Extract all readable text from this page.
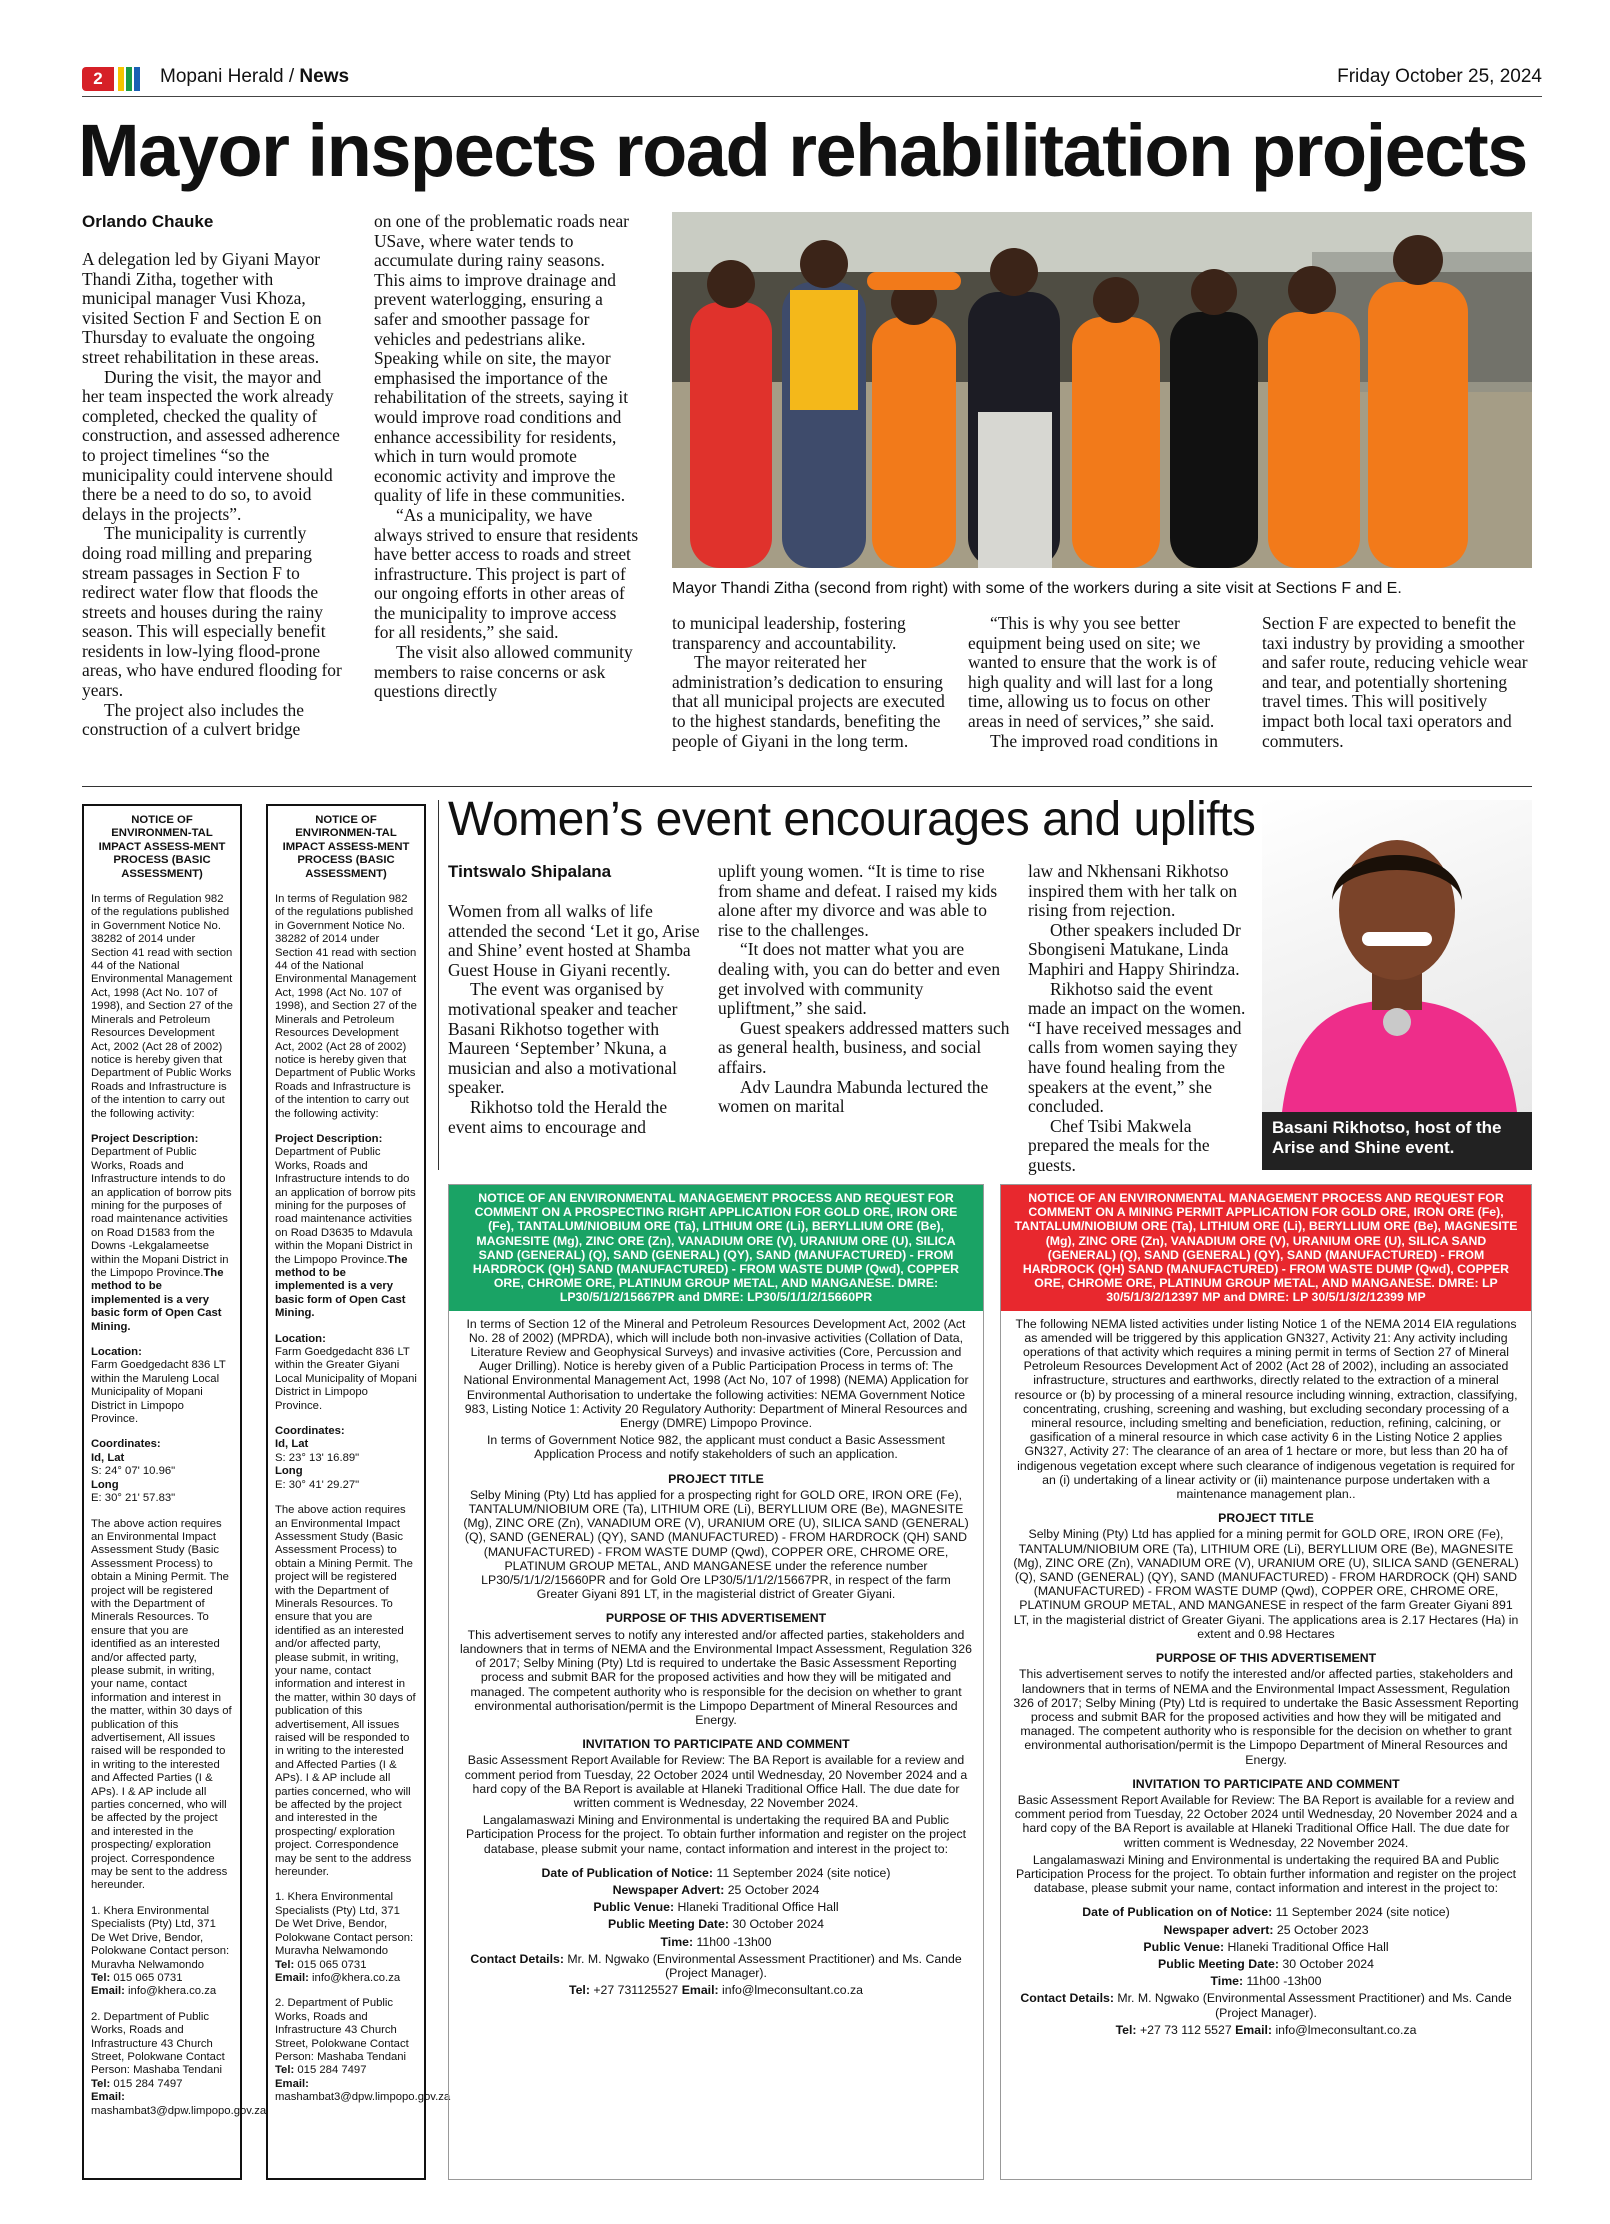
2	Mopani Herald / News	Friday October 25, 2024
Mayor inspects road rehabilitation projects
Orlando Chauke

A delegation led by Giyani Mayor Thandi Zitha, together with municipal manager Vusi Khoza, visited Section F and Section E on Thursday to evaluate the ongoing street rehabilitation in these areas.

During the visit, the mayor and her team inspected the work already completed, checked the quality of construction, and assessed adherence to project timelines “so the municipality could intervene should there be a need to do so, to avoid delays in the projects”.

The municipality is currently doing road milling and preparing stream passages in Section F to redirect water flow that floods the streets and houses during the rainy season. This will especially benefit residents in low-lying flood-prone areas, who have endured flooding for years.

The project also includes the construction of a culvert bridge

on one of the problematic roads near USave, where water tends to accumulate during rainy seasons. This aims to improve drainage and prevent waterlogging, ensuring a safer and smoother passage for vehicles and pedestrians alike. Speaking while on site, the mayor emphasised the importance of the rehabilitation of the streets, saying it would improve road conditions and enhance accessibility for residents, which in turn would promote economic activity and improve the quality of life in these communities.

“As a municipality, we have always strived to ensure that residents have better access to roads and street infrastructure. This project is part of our ongoing efforts in other areas of the municipality to improve access for all residents,” she said.

The visit also allowed community members to raise concerns or ask questions directly

Mayor Thandi Zitha (second from right) with some of the workers during a site visit at Sections F and E.

to municipal leadership, fostering transparency and accountability.

The mayor reiterated her administration’s dedication to ensuring that all municipal projects are executed to the highest standards, benefiting the people of Giyani in the long term.

“This is why you see better equipment being used on site; we wanted to ensure that the work is of high quality and will last for a long time, allowing us to focus on other areas in need of services,” she said.

The improved road conditions in

Section F are expected to benefit the taxi industry by providing a smoother and safer route, reducing vehicle wear and tear, and potentially shortening travel times. This will positively impact both local taxi operators and commuters.

NOTICE OF ENVIRONMEN-TAL IMPACT ASSESS-MENT PROCESS (BASIC ASSESSMENT)

In terms of Regulation 982 of the regulations published in Government Notice No. 38282 of 2014 under Section 41 read with section 44 of the National Environmental Management Act, 1998 (Act No. 107 of 1998), and Section 27 of the Minerals and Petroleum Resources Development Act, 2002 (Act 28 of 2002) notice is hereby given that Department of Public Works Roads and Infrastructure is of the intention to carry out the following activity:

Project Description:
Department of Public Works, Roads and Infrastructure intends to do an application of borrow pits mining for the purposes of road maintenance activities on Road D1583 from the Downs -Lekgalameetse within the Mopani District in the Limpopo Province.The method to be implemented is a very basic form of Open Cast Mining.

Location:
Farm Goedgedacht 836 LT within the Maruleng Local Municipality of Mopani District in Limpopo Province.

Coordinates:
Id, Lat
S: 24° 07' 10.96"
Long
E: 30° 21' 57.83"

The above action requires an Environmental Impact Assessment Study (Basic Assessment Process) to obtain a Mining Permit. The project will be registered with the Department of Minerals Resources. To ensure that you are identified as an interested and/or affected party, please submit, in writing, your name, contact information and interest in the matter, within 30 days of publication of this advertisement, All issues raised will be responded to in writing to the interested and Affected Parties (I & APs). I & AP include all parties concerned, who will be affected by the project and interested in the prospecting/ exploration project. Correspondence may be sent to the address hereunder.

1. Khera Environmental Specialists (Pty) Ltd, 371 De Wet Drive, Bendor, Polokwane Contact person: Muravha Nelwamondo
Tel: 015 065 0731
Email: info@khera.co.za

2. Department of Public Works, Roads and Infrastructure 43 Church Street, Polokwane Contact Person: Mashaba Tendani
Tel: 015 284 7497
Email: mashambat3@dpw.limpopo.gov.za

NOTICE OF ENVIRONMEN-TAL IMPACT ASSESS-MENT PROCESS (BASIC ASSESSMENT)

In terms of Regulation 982 of the regulations published in Government Notice No. 38282 of 2014 under Section 41 read with section 44 of the National Environmental Management Act, 1998 (Act No. 107 of 1998), and Section 27 of the Minerals and Petroleum Resources Development Act, 2002 (Act 28 of 2002) notice is hereby given that Department of Public Works Roads and Infrastructure is of the intention to carry out the following activity:

Project Description:
Department of Public Works, Roads and Infrastructure intends to do an application of borrow pits mining for the purposes of road maintenance activities on Road D3635 to Mdavula within the Mopani District in the Limpopo Province.The method to be implemented is a very basic form of Open Cast Mining.

Location:
Farm Goedgedacht 836 LT within the Greater Giyani Local Municipality of Mopani District in Limpopo Province.

Coordinates:
Id, Lat
S: 23° 13' 16.89"
Long
E: 30° 41' 29.27"

The above action requires an Environmental Impact Assessment Study (Basic Assessment Process) to obtain a Mining Permit. The project will be registered with the Department of Minerals Resources. To ensure that you are identified as an interested and/or affected party, please submit, in writing, your name, contact information and interest in the matter, within 30 days of publication of this advertisement, All issues raised will be responded to in writing to the interested and Affected Parties (I & APs). I & AP include all parties concerned, who will be affected by the project and interested in the prospecting/ exploration project. Correspondence may be sent to the address hereunder.

1. Khera Environmental Specialists (Pty) Ltd, 371 De Wet Drive, Bendor, Polokwane Contact person: Muravha Nelwamondo
Tel: 015 065 0731
Email: info@khera.co.za

2. Department of Public Works, Roads and Infrastructure 43 Church Street, Polokwane Contact Person: Mashaba Tendani
Tel: 015 284 7497
Email: mashambat3@dpw.limpopo.gov.za

Women’s event encourages and uplifts
Tintswalo Shipalana

Women from all walks of life attended the second ‘Let it go, Arise and Shine’ event hosted at Shamba Guest House in Giyani recently.

The event was organised by motivational speaker and teacher Basani Rikhotso together with Maureen ‘September’ Nkuna, a musician and also a motivational speaker.

Rikhotso told the Herald the event aims to encourage and

uplift young women. “It is time to rise from shame and defeat. I raised my kids alone after my divorce and was able to rise to the challenges.

“It does not matter what you are dealing with, you can do better and even get involved with community upliftment,” she said.

Guest speakers addressed matters such as general health, business, and social affairs.

Adv Laundra Mabunda lectured the women on marital

law and Nkhensani Rikhotso inspired them with her talk on rising from rejection.

Other speakers included Dr Sbongiseni Matukane, Linda Maphiri and Happy Shirindza.

Rikhotso said the event made an impact on the women. “I have received messages and calls from women saying they have found healing from the speakers at the event,” she concluded.

Chef Tsibi Makwela prepared the meals for the guests.

Basani Rikhotso, host of the Arise and Shine event.
NOTICE OF AN ENVIRONMENTAL MANAGEMENT PROCESS AND REQUEST FOR COMMENT ON A PROSPECTING RIGHT APPLICATION FOR GOLD ORE, IRON ORE (Fe), TANTALUM/NIOBIUM ORE (Ta), LITHIUM ORE (Li), BERYLLIUM ORE (Be), MAGNESITE (Mg), ZINC ORE (Zn), VANADIUM ORE (V), URANIUM ORE (U), SILICA SAND (GENERAL) (Q), SAND (GENERAL) (QY), SAND (MANUFACTURED) - FROM HARDROCK (QH) SAND (MANUFACTURED) - FROM WASTE DUMP (Qwd), COPPER ORE, CHROME ORE, PLATINUM GROUP METAL, AND MANGANESE. DMRE: LP30/5/1/2/15667PR and DMRE: LP30/5/1/1/2/15660PR

In terms of Section 12 of the Mineral and Petroleum Resources Development Act, 2002 (Act No. 28 of 2002) (MPRDA), which will include both non-invasive activities (Collation of Data, Literature Review and Geophysical Surveys) and invasive activities (Core, Percussion and Auger Drilling). Notice is hereby given of a Public Participation Process in terms of: The National Environmental Management Act, 1998 (Act No, 107 of 1998) (NEMA) Application for Environmental Authorisation to undertake the following activities: NEMA Government Notice 983, Listing Notice 1: Activity 20 Regulatory Authority: Department of Mineral Resources and Energy (DMRE) Limpopo Province.

In terms of Government Notice 982, the applicant must conduct a Basic Assessment Application Process and notify stakeholders of such an application.

PROJECT TITLE

Selby Mining (Pty) Ltd has applied for a prospecting right for GOLD ORE, IRON ORE (Fe), TANTALUM/NIOBIUM ORE (Ta), LITHIUM ORE (Li), BERYLLIUM ORE (Be), MAGNESITE (Mg), ZINC ORE (Zn), VANADIUM ORE (V), URANIUM ORE (U), SILICA SAND (GENERAL) (Q), SAND (GENERAL) (QY), SAND (MANUFACTURED) - FROM HARDROCK (QH) SAND (MANUFACTURED) - FROM WASTE DUMP (Qwd), COPPER ORE, CHROME ORE, PLATINUM GROUP METAL, AND MANGANESE under the reference number LP30/5/1/1/2/15660PR and for Gold Ore LP30/5/1/1/2/15667PR, in respect of the farm Greater Giyani 891 LT, in the magisterial district of Greater Giyani.

PURPOSE OF THIS ADVERTISEMENT

This advertisement serves to notify any interested and/or affected parties, stakeholders and landowners that in terms of NEMA and the Environmental Impact Assessment, Regulation 326 of 2017; Selby Mining (Pty) Ltd is required to undertake the Basic Assessment Reporting process and submit BAR for the proposed activities and how they will be mitigated and managed. The competent authority who is responsible for the decision on whether to grant environmental authorisation/permit is the Limpopo Department of Mineral Resources and Energy.

INVITATION TO PARTICIPATE AND COMMENT

Basic Assessment Report Available for Review: The BA Report is available for a review and comment period from Tuesday, 22 October 2024 until Wednesday, 20 November 2024 and a hard copy of the BA Report is available at Hlaneki Traditional Office Hall. The due date for written comment is Wednesday, 22 November 2024.

Langalamaswazi Mining and Environmental is undertaking the required BA and Public Participation Process for the project. To obtain further information and register on the project database, please submit your name, contact information and interest in the project to:

Date of Publication of Notice: 11 September 2024 (site notice)

Newspaper Advert: 25 October 2024

Public Venue: Hlaneki Traditional Office Hall

Public Meeting Date: 30 October 2024

Time: 11h00 -13h00

Contact Details: Mr. M. Ngwako (Environmental Assessment Practitioner) and Ms. Cande (Project Manager).

Tel: +27 731125527 Email: info@lmeconsultant.co.za

NOTICE OF AN ENVIRONMENTAL MANAGEMENT PROCESS AND REQUEST FOR COMMENT ON A MINING PERMIT APPLICATION FOR GOLD ORE, IRON ORE (Fe), TANTALUM/NIOBIUM ORE (Ta), LITHIUM ORE (Li), BERYLLIUM ORE (Be), MAGNESITE (Mg), ZINC ORE (Zn), VANADIUM ORE (V), URANIUM ORE (U), SILICA SAND (GENERAL) (Q), SAND (GENERAL) (QY), SAND (MANUFACTURED) - FROM HARDROCK (QH) SAND (MANUFACTURED) - FROM WASTE DUMP (Qwd), COPPER ORE, CHROME ORE, PLATINUM GROUP METAL, AND MANGANESE. DMRE: LP 30/5/1/3/2/12397 MP and DMRE: LP 30/5/1/3/2/12399 MP

The following NEMA listed activities under listing Notice 1 of the NEMA 2014 EIA regulations as amended will be triggered by this application GN327, Activity 21: Any activity including operations of that activity which requires a mining permit in terms of Section 27 of Mineral Petroleum Resources Development Act of 2002 (Act 28 of 2002), including an associated infrastructure, structures and earthworks, directly related to the extraction of a mineral resource or (b) by processing of a mineral resource including winning, extraction, classifying, concentrating, crushing, screening and washing, but excluding secondary processing of a mineral resource, including smelting and beneficiation, reduction, refining, calcining, or gasification of a mineral resource in which case activity 6 in the Listing Notice 2 applies GN327, Activity 27: The clearance of an area of 1 hectare or more, but less than 20 ha of indigenous vegetation except where such clearance of indigenous vegetation is required for an (i) undertaking of a linear activity or (ii) maintenance purpose undertaken with a maintenance management plan..

PROJECT TITLE

Selby Mining (Pty) Ltd has applied for a mining permit for GOLD ORE, IRON ORE (Fe), TANTALUM/NIOBIUM ORE (Ta), LITHIUM ORE (Li), BERYLLIUM ORE (Be), MAGNESITE (Mg), ZINC ORE (Zn), VANADIUM ORE (V), URANIUM ORE (U), SILICA SAND (GENERAL) (Q), SAND (GENERAL) (QY), SAND (MANUFACTURED) - FROM HARDROCK (QH) SAND (MANUFACTURED) - FROM WASTE DUMP (Qwd), COPPER ORE, CHROME ORE, PLATINUM GROUP METAL, AND MANGANESE in respect of the farm Greater Giyani 891 LT, in the magisterial district of Greater Giyani. The applications area is 2.17 Hectares (Ha) in extent and 0.98 Hectares

PURPOSE OF THIS ADVERTISEMENT

This advertisement serves to notify the interested and/or affected parties, stakeholders and landowners that in terms of NEMA and the Environmental Impact Assessment, Regulation 326 of 2017; Selby Mining (Pty) Ltd is required to undertake the Basic Assessment Reporting process and submit BAR for the proposed activities and how they will be mitigated and managed. The competent authority who is responsible for the decision on whether to grant environmental authorisation/permit is the Limpopo Department of Mineral Resources and Energy.

INVITATION TO PARTICIPATE AND COMMENT

Basic Assessment Report Available for Review: The BA Report is available for a review and comment period from Tuesday, 22 October 2024 until Wednesday, 20 November 2024 and a hard copy of the BA Report is available at Hlaneki Traditional Office Hall. The due date for written comment is Wednesday, 22 November 2024.

Langalamaswazi Mining and Environmental is undertaking the required BA and Public Participation Process for the project. To obtain further information and register on the project database, please submit your name, contact information and interest in the project to:

Date of Publication on of Notice: 11 September 2024 (site notice)

Newspaper advert: 25 October 2023

Public Venue: Hlaneki Traditional Office Hall

Public Meeting Date: 30 October 2024

Time: 11h00 -13h00

Contact Details: Mr. M. Ngwako (Environmental Assessment Practitioner) and Ms. Cande (Project Manager).

Tel: +27 73 112 5527 Email: info@lmeconsultant.co.za
